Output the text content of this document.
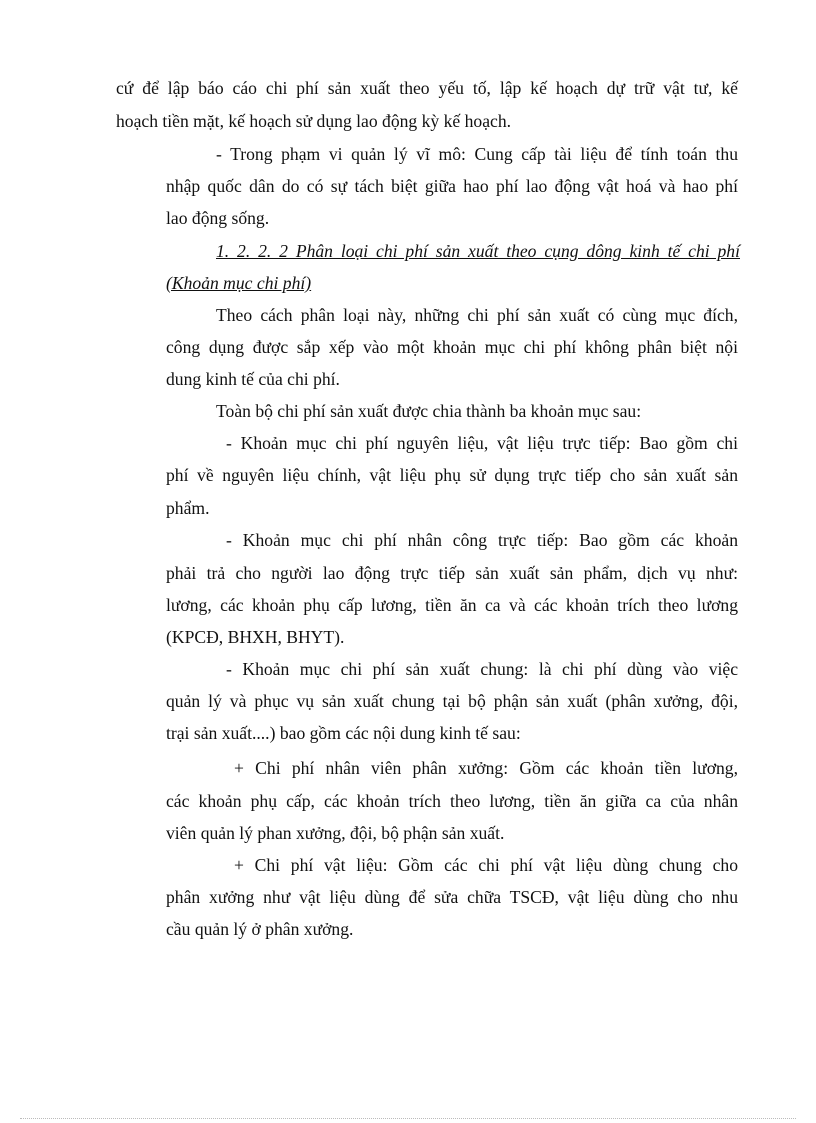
cứ để lập báo cáo chi phí sản xuất theo yếu tố, lập kế hoạch dự trữ vật tư, kế
hoạch tiền mặt, kế hoạch sử dụng lao động kỳ kế hoạch.
- Trong phạm vi quản lý vĩ mô: Cung cấp tài liệu để tính toán thu
nhập quốc dân do có sự tách biệt giữa hao phí lao động vật hoá và hao phí
lao động sống.
1. 2. 2. 2 Phân loại chi phí sản xuất theo cụng dông kinh tế chi phí
(Khoản mục chi phí)
Theo cách phân loại này, những chi phí sản xuất có cùng mục đích,
công dụng được sắp xếp vào một khoản mục chi phí không phân biệt nội
dung kinh tế của chi phí.
Toàn bộ chi phí sản xuất được chia thành ba khoản mục sau:
- Khoản mục chi phí nguyên liệu, vật liệu trực tiếp: Bao gồm chi
phí về nguyên liệu chính, vật liệu phụ sử dụng trực tiếp cho sản xuất sản
phẩm.
- Khoản mục chi phí nhân công trực tiếp: Bao gồm các khoản
phải trả cho người lao động trực tiếp sản xuất sản phẩm, dịch vụ như:
lương, các khoản phụ cấp lương, tiền ăn ca và các khoản trích theo lương
(KPCĐ, BHXH, BHYT).
- Khoản mục chi phí sản xuất chung: là chi phí dùng vào việc
quản lý và phục vụ sản xuất chung tại bộ phận sản xuất (phân xưởng, đội,
trại sản xuất....) bao gồm các nội dung kinh tế sau:
+ Chi phí nhân viên phân xưởng: Gồm các khoản tiền lương,
các khoản phụ cấp, các khoản trích theo lương, tiền ăn giữa ca của nhân
viên quản lý phan xưởng, đội, bộ phận sản xuất.
+ Chi phí vật liệu: Gồm các chi phí vật liệu dùng chung cho
phân xưởng như vật liệu dùng để sửa chữa TSCĐ, vật liệu dùng cho nhu
cầu quản lý ở phân xưởng.
